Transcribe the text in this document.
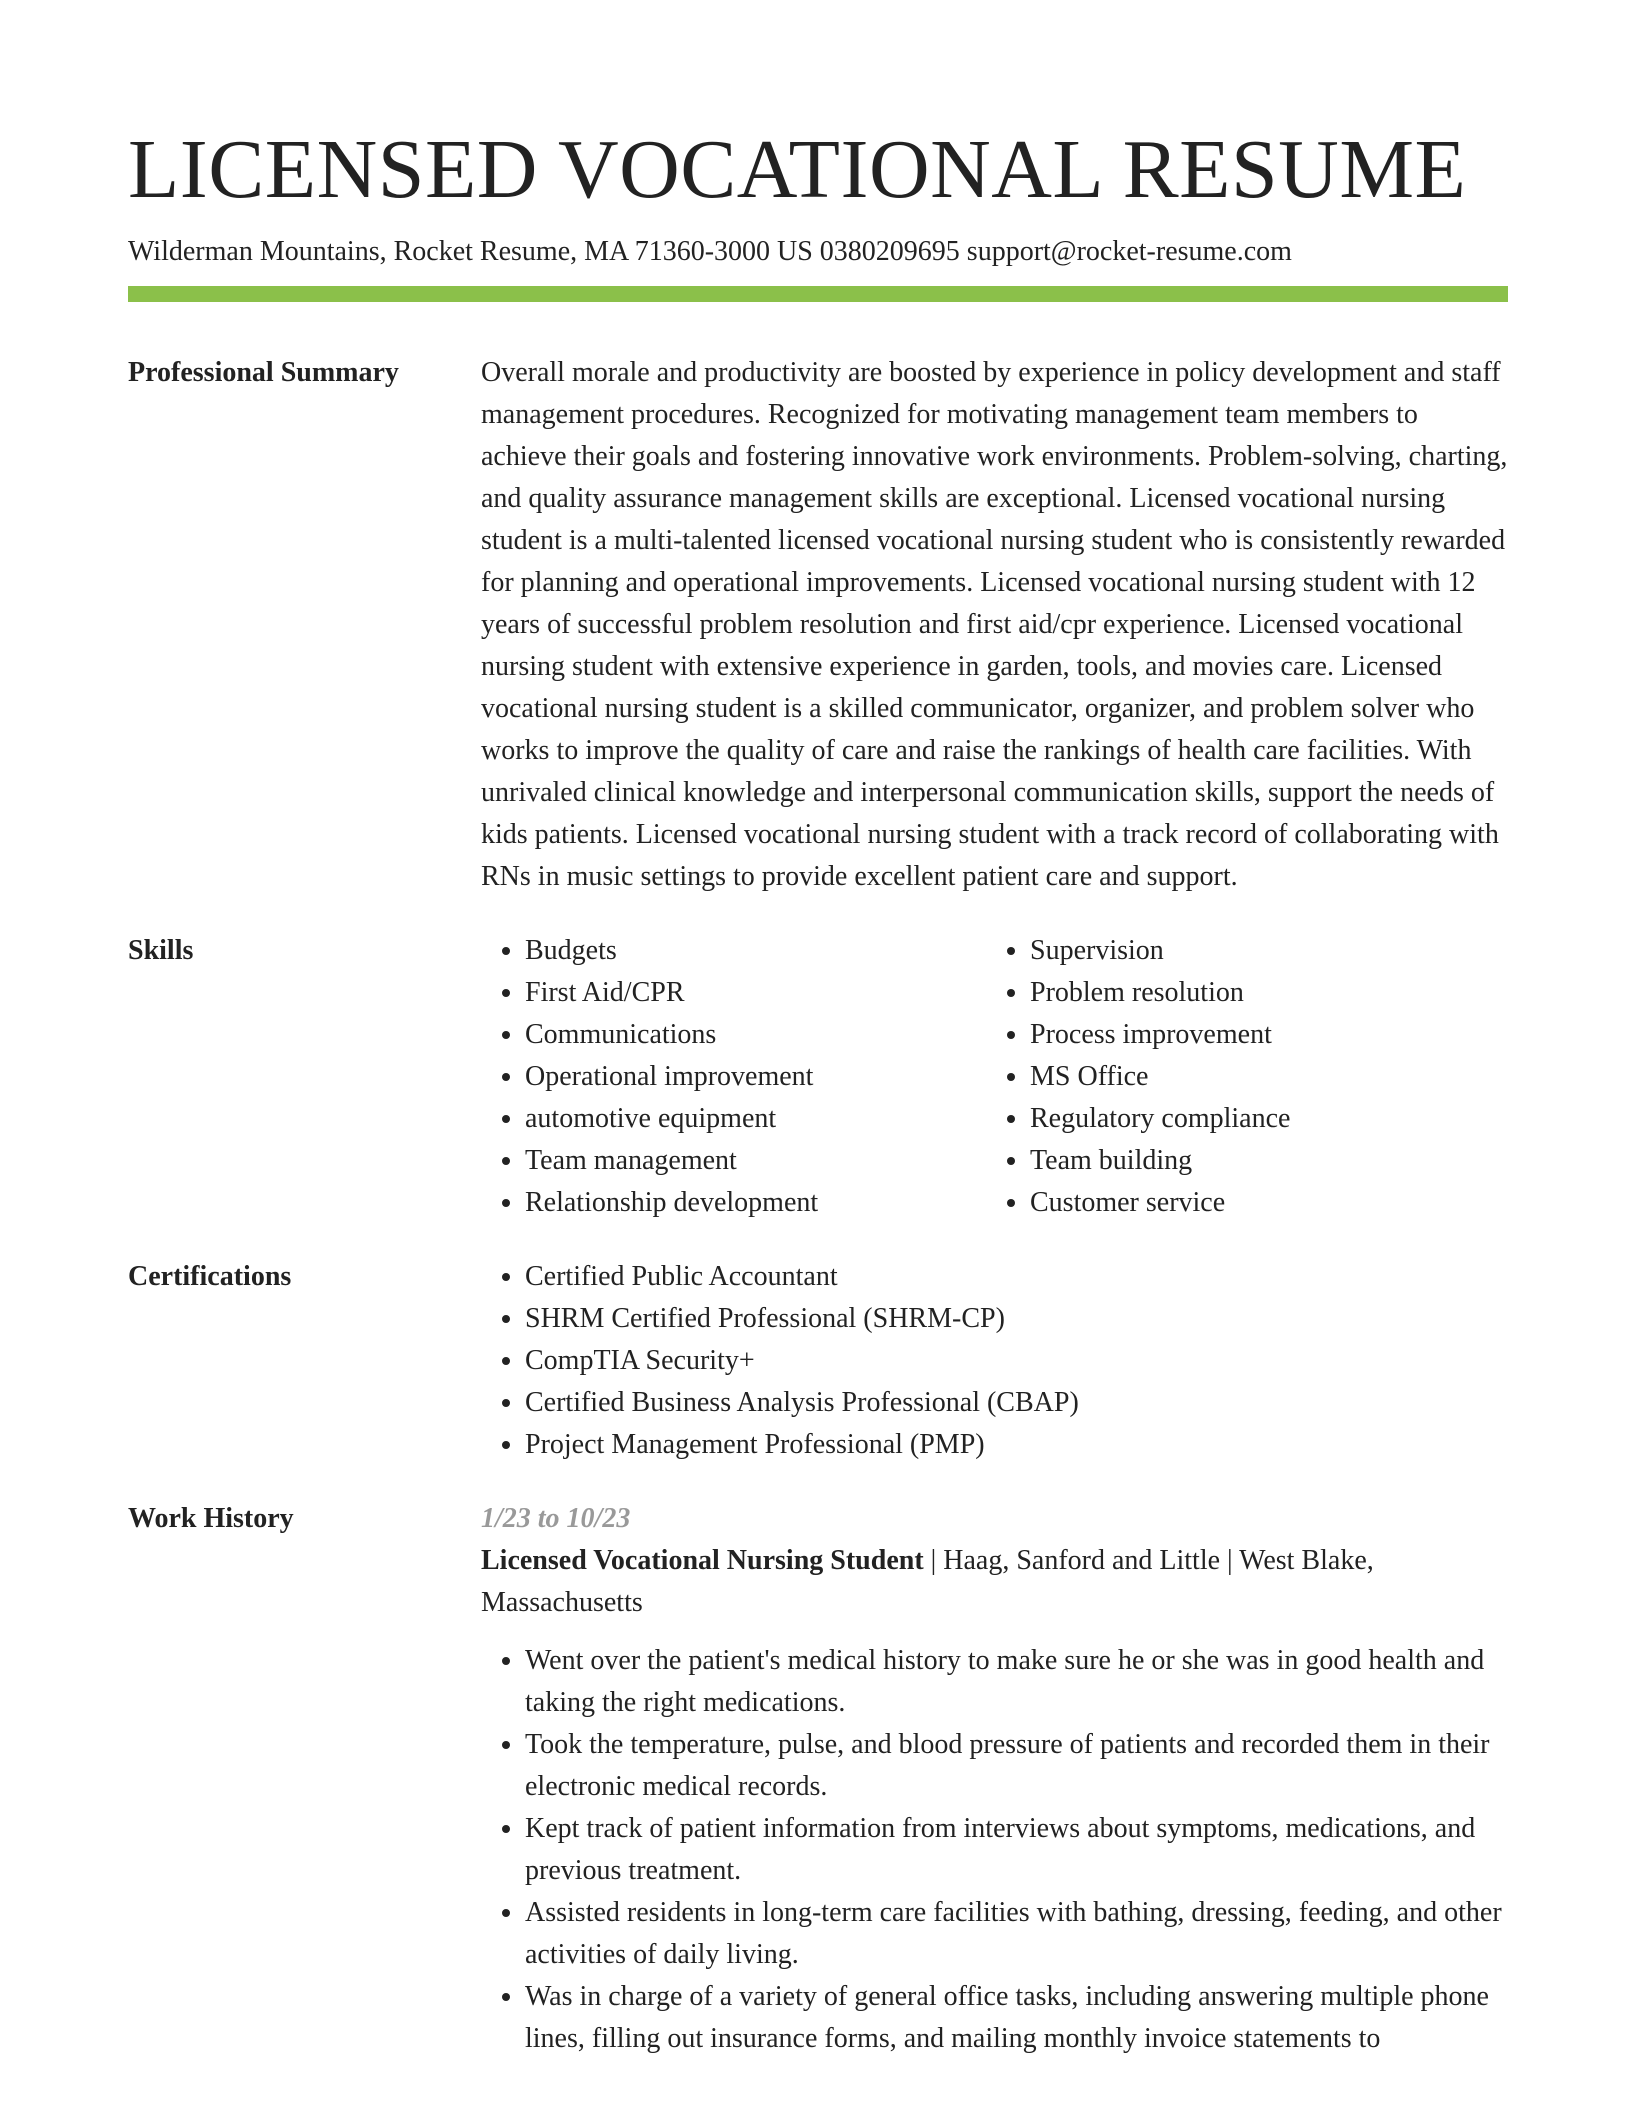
LICENSED VOCATIONAL RESUME
Wilderman Mountains, Rocket Resume, MA 71360-3000 US 0380209695 support@rocket-resume.com
Professional Summary	Overall morale and productivity are boosted by experience in policy development and staff management procedures. Recognized for motivating management team members to achieve their goals and fostering innovative work environments. Problem-solving, charting, and quality assurance management skills are exceptional. Licensed vocational nursing student is a multi-talented licensed vocational nursing student who is consistently rewarded for planning and operational improvements. Licensed vocational nursing student with 12 years of successful problem resolution and first aid/cpr experience. Licensed vocational nursing student with extensive experience in garden, tools, and movies care. Licensed vocational nursing student is a skilled communicator, organizer, and problem solver who works to improve the quality of care and raise the rankings of health care facilities. With unrivaled clinical knowledge and interpersonal communication skills, support the needs of kids patients. Licensed vocational nursing student with a track record of collaborating with RNs in music settings to provide excellent patient care and support.
Skills	• Budgets
• First Aid/CPR
• Communications
• Operational improvement
• automotive equipment
• Team management
• Relationship development
• Supervision
• Problem resolution
• Process improvement
• MS Office
• Regulatory compliance
• Team building
• Customer service
Certifications	• Certified Public Accountant
• SHRM Certified Professional (SHRM-CP)
• CompTIA Security+
• Certified Business Analysis Professional (CBAP)
• Project Management Professional (PMP)
Work History	1/23 to 10/23

Licensed Vocational Nursing Student | Haag, Sanford and Little | West Blake, Massachusetts

• Went over the patient's medical history to make sure he or she was in good health and taking the right medications.
• Took the temperature, pulse, and blood pressure of patients and recorded them in their electronic medical records.
• Kept track of patient information from interviews about symptoms, medications, and previous treatment.
• Assisted residents in long-term care facilities with bathing, dressing, feeding, and other activities of daily living.
• Was in charge of a variety of general office tasks, including answering multiple phone lines, filling out insurance forms, and mailing monthly invoice statements to
